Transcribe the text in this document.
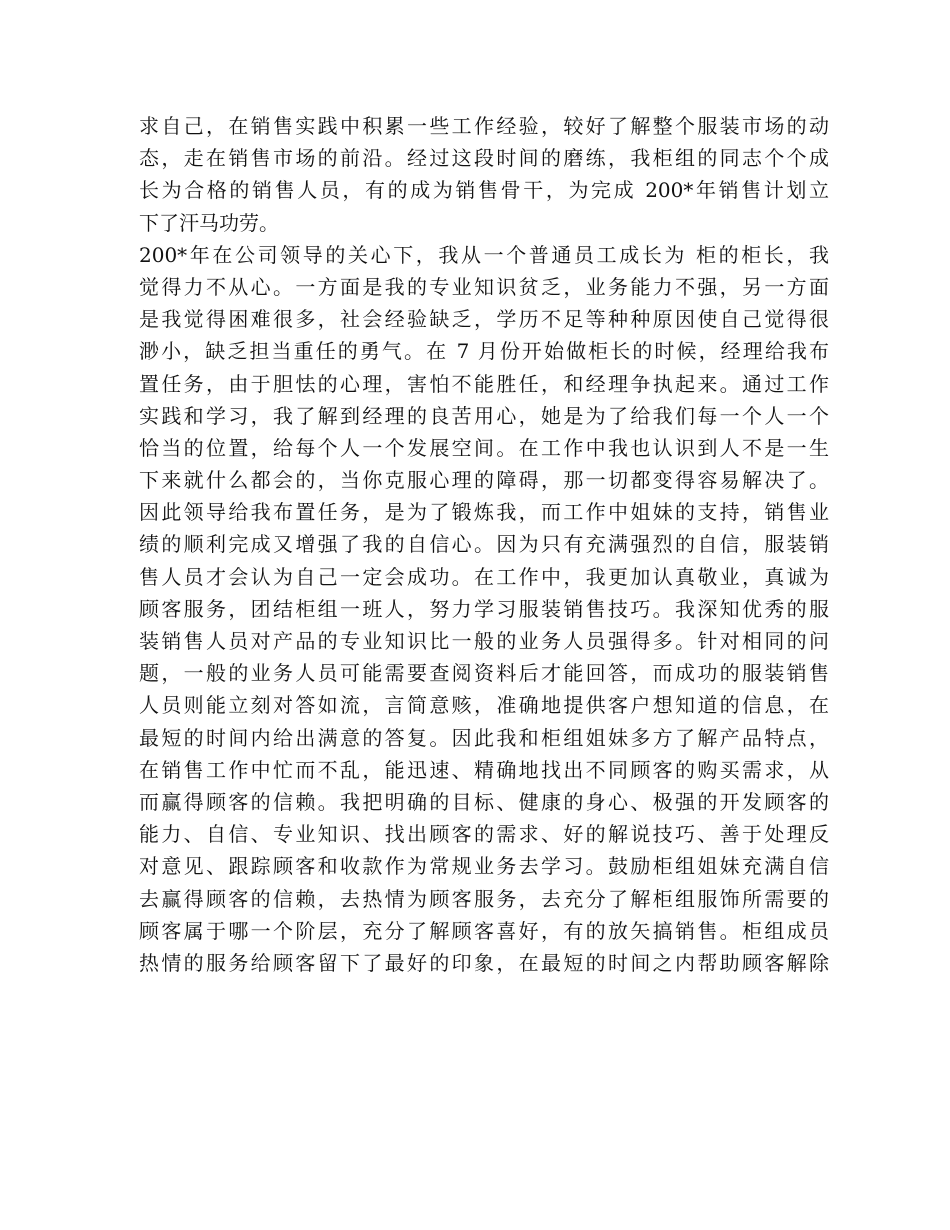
求自己，在销售实践中积累一些工作经验，较好了解整个服装市场的动
态，走在销售市场的前沿。经过这段时间的磨练，我柜组的同志个个成
长为合格的销售人员，有的成为销售骨干，为完成 200*年销售计划立
下了汗马功劳。
200*年在公司领导的关心下，我从一个普通员工成长为 柜的柜长，我
觉得力不从心。一方面是我的专业知识贫乏，业务能力不强，另一方面
是我觉得困难很多，社会经验缺乏，学历不足等种种原因使自己觉得很
渺小，缺乏担当重任的勇气。在 7 月份开始做柜长的时候，经理给我布
置任务，由于胆怯的心理，害怕不能胜任，和经理争执起来。通过工作
实践和学习，我了解到经理的良苦用心，她是为了给我们每一个人一个
恰当的位置，给每个人一个发展空间。在工作中我也认识到人不是一生
下来就什么都会的，当你克服心理的障碍，那一切都变得容易解决了。
因此领导给我布置任务，是为了锻炼我，而工作中姐妹的支持，销售业
绩的顺利完成又增强了我的自信心。因为只有充满强烈的自信，服装销
售人员才会认为自己一定会成功。在工作中，我更加认真敬业，真诚为
顾客服务，团结柜组一班人，努力学习服装销售技巧。我深知优秀的服
装销售人员对产品的专业知识比一般的业务人员强得多。针对相同的问
题，一般的业务人员可能需要查阅资料后才能回答，而成功的服装销售
人员则能立刻对答如流，言简意赅，准确地提供客户想知道的信息，在
最短的时间内给出满意的答复。因此我和柜组姐妹多方了解产品特点，
在销售工作中忙而不乱，能迅速、精确地找出不同顾客的购买需求，从
而赢得顾客的信赖。我把明确的目标、健康的身心、极强的开发顾客的
能力、自信、专业知识、找出顾客的需求、好的解说技巧、善于处理反
对意见、跟踪顾客和收款作为常规业务去学习。鼓励柜组姐妹充满自信
去赢得顾客的信赖，去热情为顾客服务，去充分了解柜组服饰所需要的
顾客属于哪一个阶层，充分了解顾客喜好，有的放矢搞销售。柜组成员
热情的服务给顾客留下了最好的印象，在最短的时间之内帮助顾客解除
